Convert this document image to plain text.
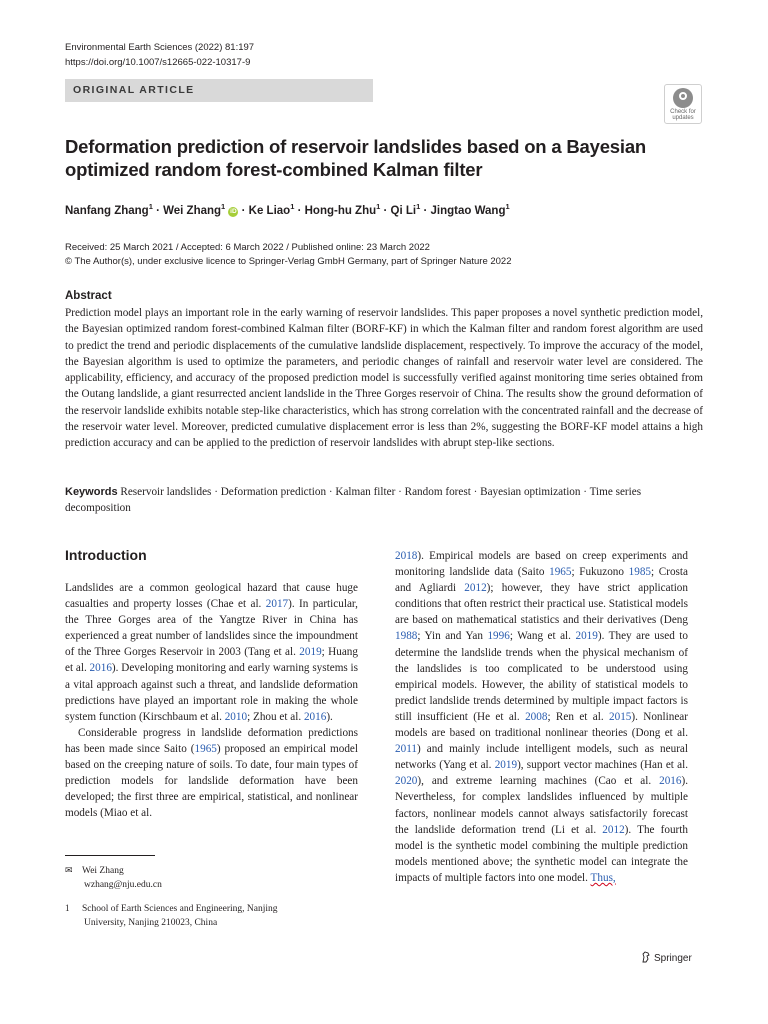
Environmental Earth Sciences (2022) 81:197
https://doi.org/10.1007/s12665-022-10317-9
ORIGINAL ARTICLE
Check for
updates
Deformation prediction of reservoir landslides based on a Bayesian optimized random forest-combined Kalman filter
Nanfang Zhang$^1$ · Wei Zhang$^1$ iD · Ke Liao$^1$ · Hong-hu Zhu$^1$ · Qi $Li^1$ · Jingtao Wang$^1$
Received: 25 March 2021 / Accepted: 6 March 2022 / Published online: 23 March 2022
© The Author(s), under exclusive licence to Springer-Verlag GmbH Germany, part of Springer Nature 2022
Abstract
Prediction model plays an important role in the early warning of reservoir landslides. This paper proposes a novel synthetic prediction model, the Bayesian optimized random forest-combined Kalman filter (BORF-KF) in which the Kalman filter and random forest algorithm are used to predict the trend and periodic displacements of the cumulative landslide displacement, respectively. To improve the accuracy of the model, the Bayesian algorithm is used to optimize the parameters, and periodic changes of rainfall and reservoir water level are considered. The applicability, efficiency, and accuracy of the proposed prediction model is successfully verified against monitoring time series obtained from the Outang landslide, a giant resurrected ancient landslide in the Three Gorges reservoir of China. The results show the ground deformation of the reservoir landslide exhibits notable step-like characteristics, which has strong correlation with the concentrated rainfall and the decrease of the reservoir water level. Moreover, predicted cumulative displacement error is less than 2%, suggesting the BORF-KF model attains a high prediction accuracy and can be applied to the prediction of reservoir landslides with abrupt step-like sections.
Keywords Reservoir landslides · Deformation prediction · Kalman filter · Random forest · Bayesian optimization · Time series decomposition
Introduction

Landslides are a common geological hazard that cause huge casualties and property losses (Chae et al. 2017). In particular, the Three Gorges area of the Yangtze River in China has experienced a great number of landslides since the impoundment of the Three Gorges Reservoir in 2003 (Tang et al. 2019; Huang et al. 2016). Developing monitoring and early warning systems is a vital approach against such a threat, and landslide deformation predictions have played an important role in making the whole system function (Kirschbaum et al. 2010; Zhou et al. 2016).

Considerable progress in landslide deformation predictions has been made since Saito (1965) proposed an empirical model based on the creeping nature of soils. To date, four main types of prediction models for landslide deformation have been developed; the first three are empirical, statistical, and nonlinear models (Miao et al.

2018). Empirical models are based on creep experiments and monitoring landslide data (Saito 1965; Fukuzono 1985; Crosta and Agliardi 2012); however, they have strict application conditions that often restrict their practical use. Statistical models are based on mathematical statistics and their derivatives (Deng 1988; Yin and Yan 1996; Wang et al. 2019). They are used to determine the landslide trends when the physical mechanism of the landslides is too complicated to be understood using empirical models. However, the ability of statistical models to predict landslide trends determined by multiple impact factors is still insufficient (He et al. 2008; Ren et al. 2015). Nonlinear models are based on traditional nonlinear theories (Dong et al. 2011) and mainly include intelligent models, such as neural networks (Yang et al. 2019), support vector machines (Han et al. 2020), and extreme learning machines (Cao et al. 2016). Nevertheless, for complex landslides influenced by multiple factors, nonlinear models cannot always satisfactorily forecast the landslide deformation trend (Li et al. 2012). The fourth model is the synthetic model combining the multiple prediction models mentioned above; the synthetic model can integrate the impacts of multiple factors into one model. Thus,

✉ Wei Zhang
wzhang@nju.edu.cn
1 School of Earth Sciences and Engineering, Nanjing
University, Nanjing 210023, China
Springer
